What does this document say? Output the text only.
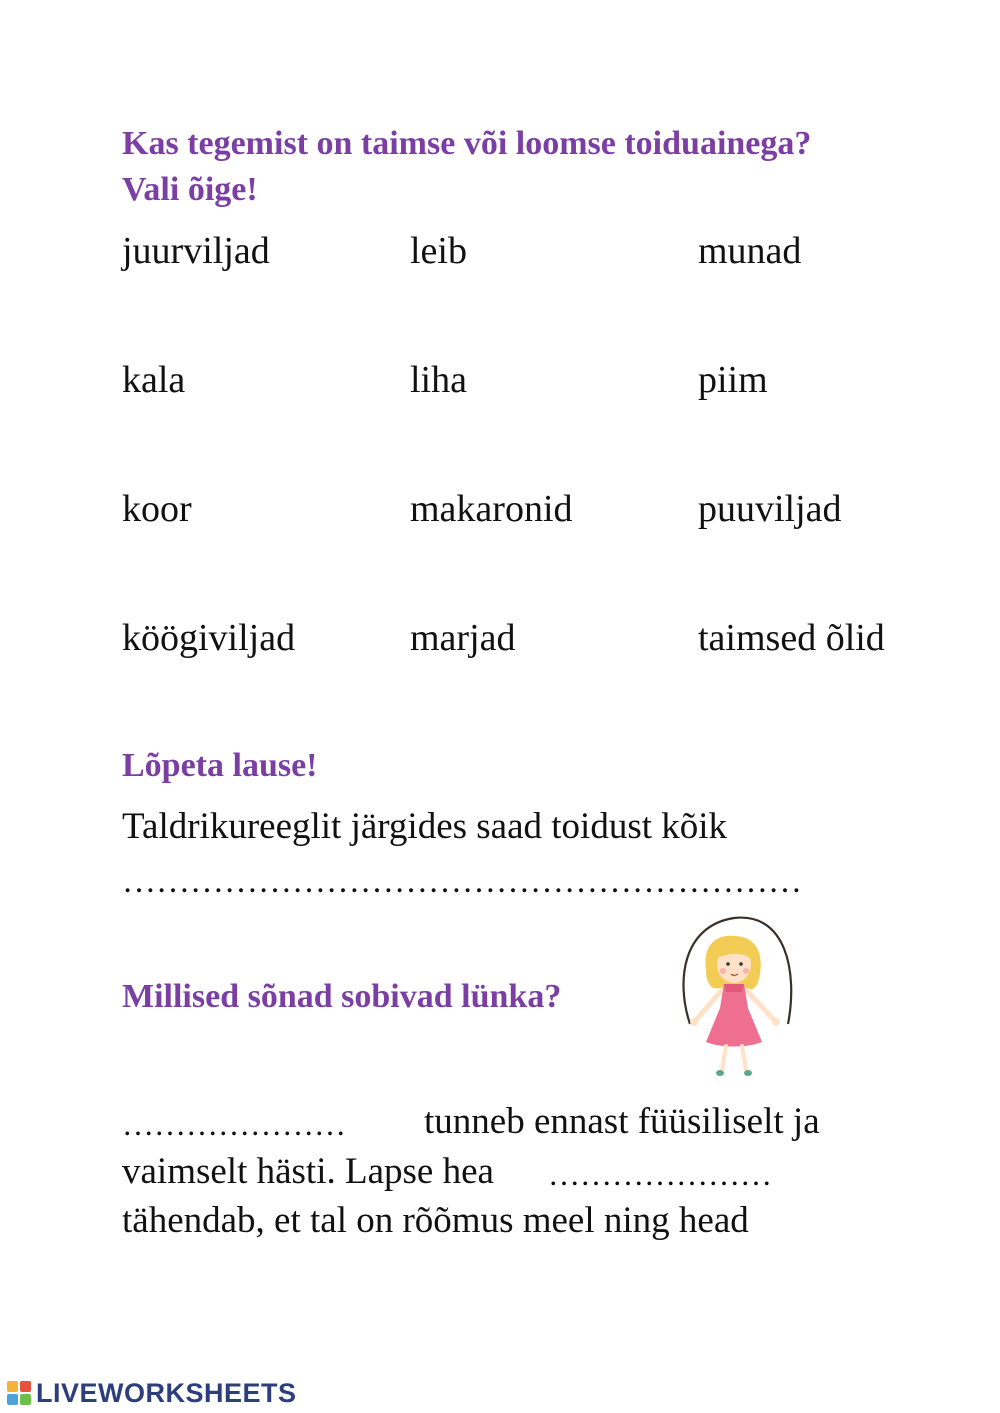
Kas tegemist on taimse või loomse toiduainega?
Vali õige!
juurviljad	leib	munad
kala	liha	piim
koor	makaronid	puuviljad
köögiviljad	marjad	taimsed õlid
Lõpeta lause!
Taldrikureeglit järgides saad toidust kõik
……………………………………………………
Millised sõnad sobivad lünka?
………………… tunneb ennast füüsiliselt ja
vaimselt hästi. Lapse hea …………………
tähendab, et tal on rõõmus meel ning head
LIVEWORKSHEETS
